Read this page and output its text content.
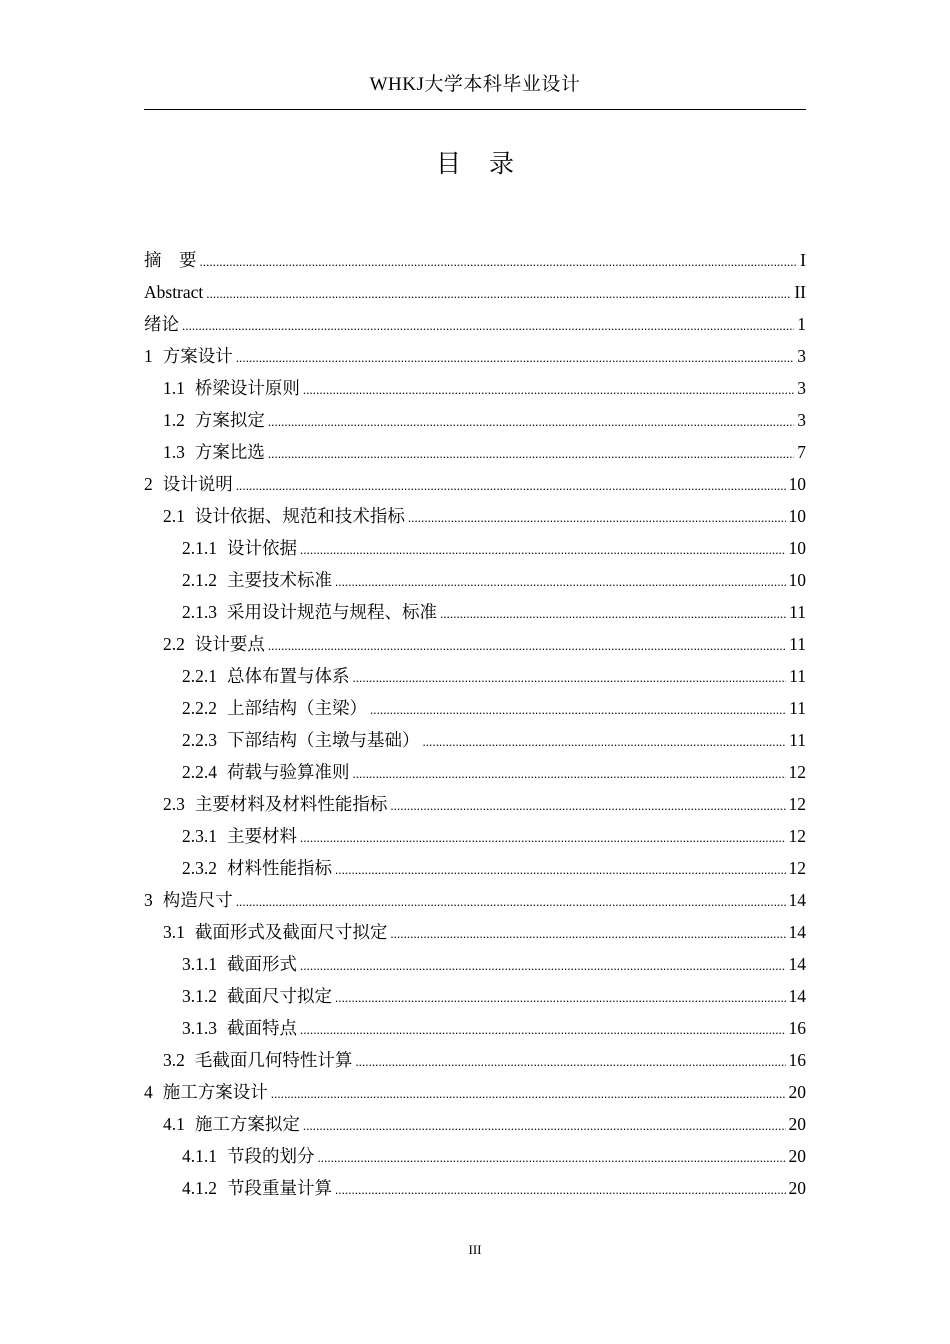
WHKJ大学本科毕业设计
目 录
摘　要 . . .	I
Abstract . . .	II
绪论 . . .	1
1 方案设计 . . .	3
1.1 桥梁设计原则 . . .	3
1.2 方案拟定 . . .	3
1.3 方案比选 . . .	7
2 设计说明 . . .	10
2.1 设计依据、规范和技术指标 . . .	10
2.1.1 设计依据 . . .	10
2.1.2 主要技术标准 . . .	10
2.1.3 采用设计规范与规程、标准 . . .	11
2.2 设计要点 . . .	11
2.2.1 总体布置与体系 . . .	11
2.2.2 上部结构（主梁） . . .	11
2.2.3 下部结构（主墩与基础） . . .	11
2.2.4 荷载与验算准则 . . .	12
2.3 主要材料及材料性能指标 . . .	12
2.3.1 主要材料 . . .	12
2.3.2 材料性能指标 . . .	12
3 构造尺寸 . . .	14
3.1 截面形式及截面尺寸拟定 . . .	14
3.1.1 截面形式 . . .	14
3.1.2 截面尺寸拟定 . . .	14
3.1.3 截面特点 . . .	16
3.2 毛截面几何特性计算 . . .	16
4 施工方案设计 . . .	20
4.1 施工方案拟定 . . .	20
4.1.1 节段的划分 . . .	20
4.1.2 节段重量计算 . . .	20
III
